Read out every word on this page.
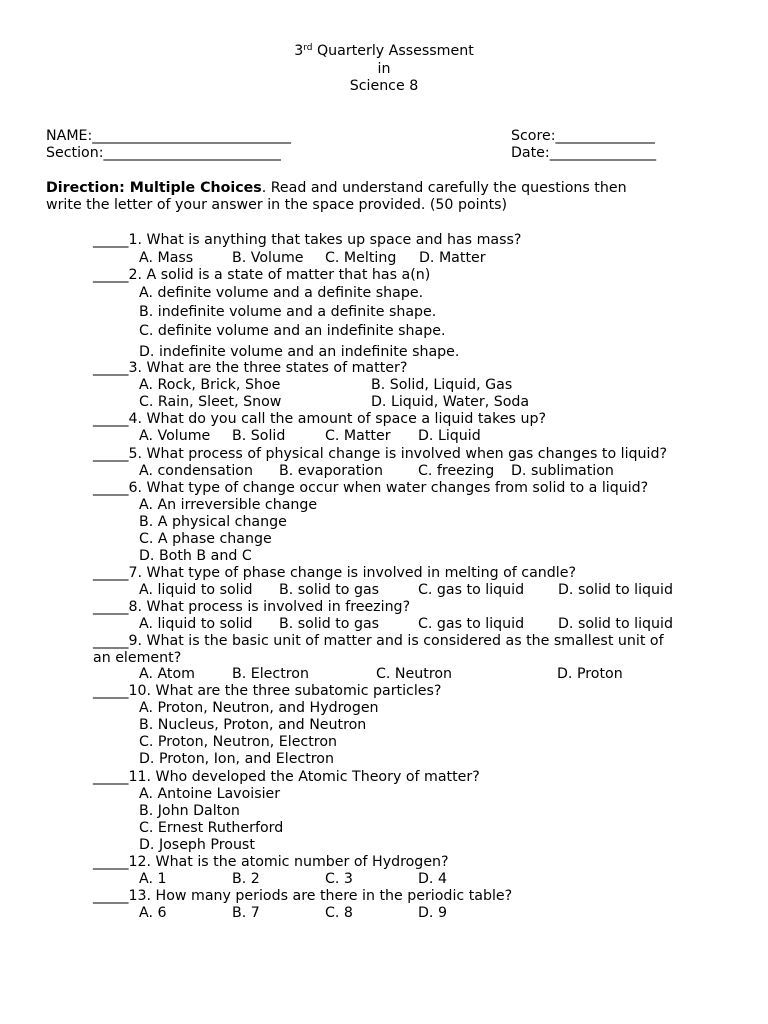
3rd Quarterly Assessment
in
Science 8
NAME:____________________________
Section:_________________________
Score:______________
Date:_______________
Direction: Multiple Choices. Read and understand carefully the questions then
write the letter of your answer in the space provided. (50 points)
_____1. What is anything that takes up space and has mass?
A. Mass	B. Volume C. Melting D. Matter
_____2. A solid is a state of matter that has a(n)
A. definite volume and a definite shape.
B. indefinite volume and a definite shape.
C. definite volume and an indefinite shape.
D. indefinite volume and an indefinite shape.
_____3. What are the three states of matter?
A. Rock, Brick, Shoe	B. Solid, Liquid, Gas
C. Rain, Sleet, Snow	D. Liquid, Water, Soda
_____4. What do you call the amount of space a liquid takes up?
A. Volume B. Solid	C. Matter D. Liquid
_____5. What process of physical change is involved when gas changes to liquid?
A. condensation B. evaporation C. freezing D. sublimation
_____6. What type of change occur when water changes from solid to a liquid?
A. An irreversible change
B. A physical change
C. A phase change
D. Both B and C
_____7. What type of phase change is involved in melting of candle?
A. liquid to solid B. solid to gas	C. gas to liquid D. solid to liquid
_____8. What process is involved in freezing?
A. liquid to solid B. solid to gas	C. gas to liquid D. solid to liquid
_____9. What is the basic unit of matter and is considered as the smallest unit of
an element?
A. Atom	B. Electron	C. Neutron	D. Proton
_____10. What are the three subatomic particles?
A. Proton, Neutron, and Hydrogen
B. Nucleus, Proton, and Neutron
C. Proton, Neutron, Electron
D. Proton, Ion, and Electron
_____11. Who developed the Atomic Theory of matter?
A. Antoine Lavoisier
B. John Dalton
C. Ernest Rutherford
D. Joseph Proust
_____12. What is the atomic number of Hydrogen?
A. 1	B. 2	C. 3	D. 4
_____13. How many periods are there in the periodic table?
A. 6	B. 7	C. 8	D. 9
